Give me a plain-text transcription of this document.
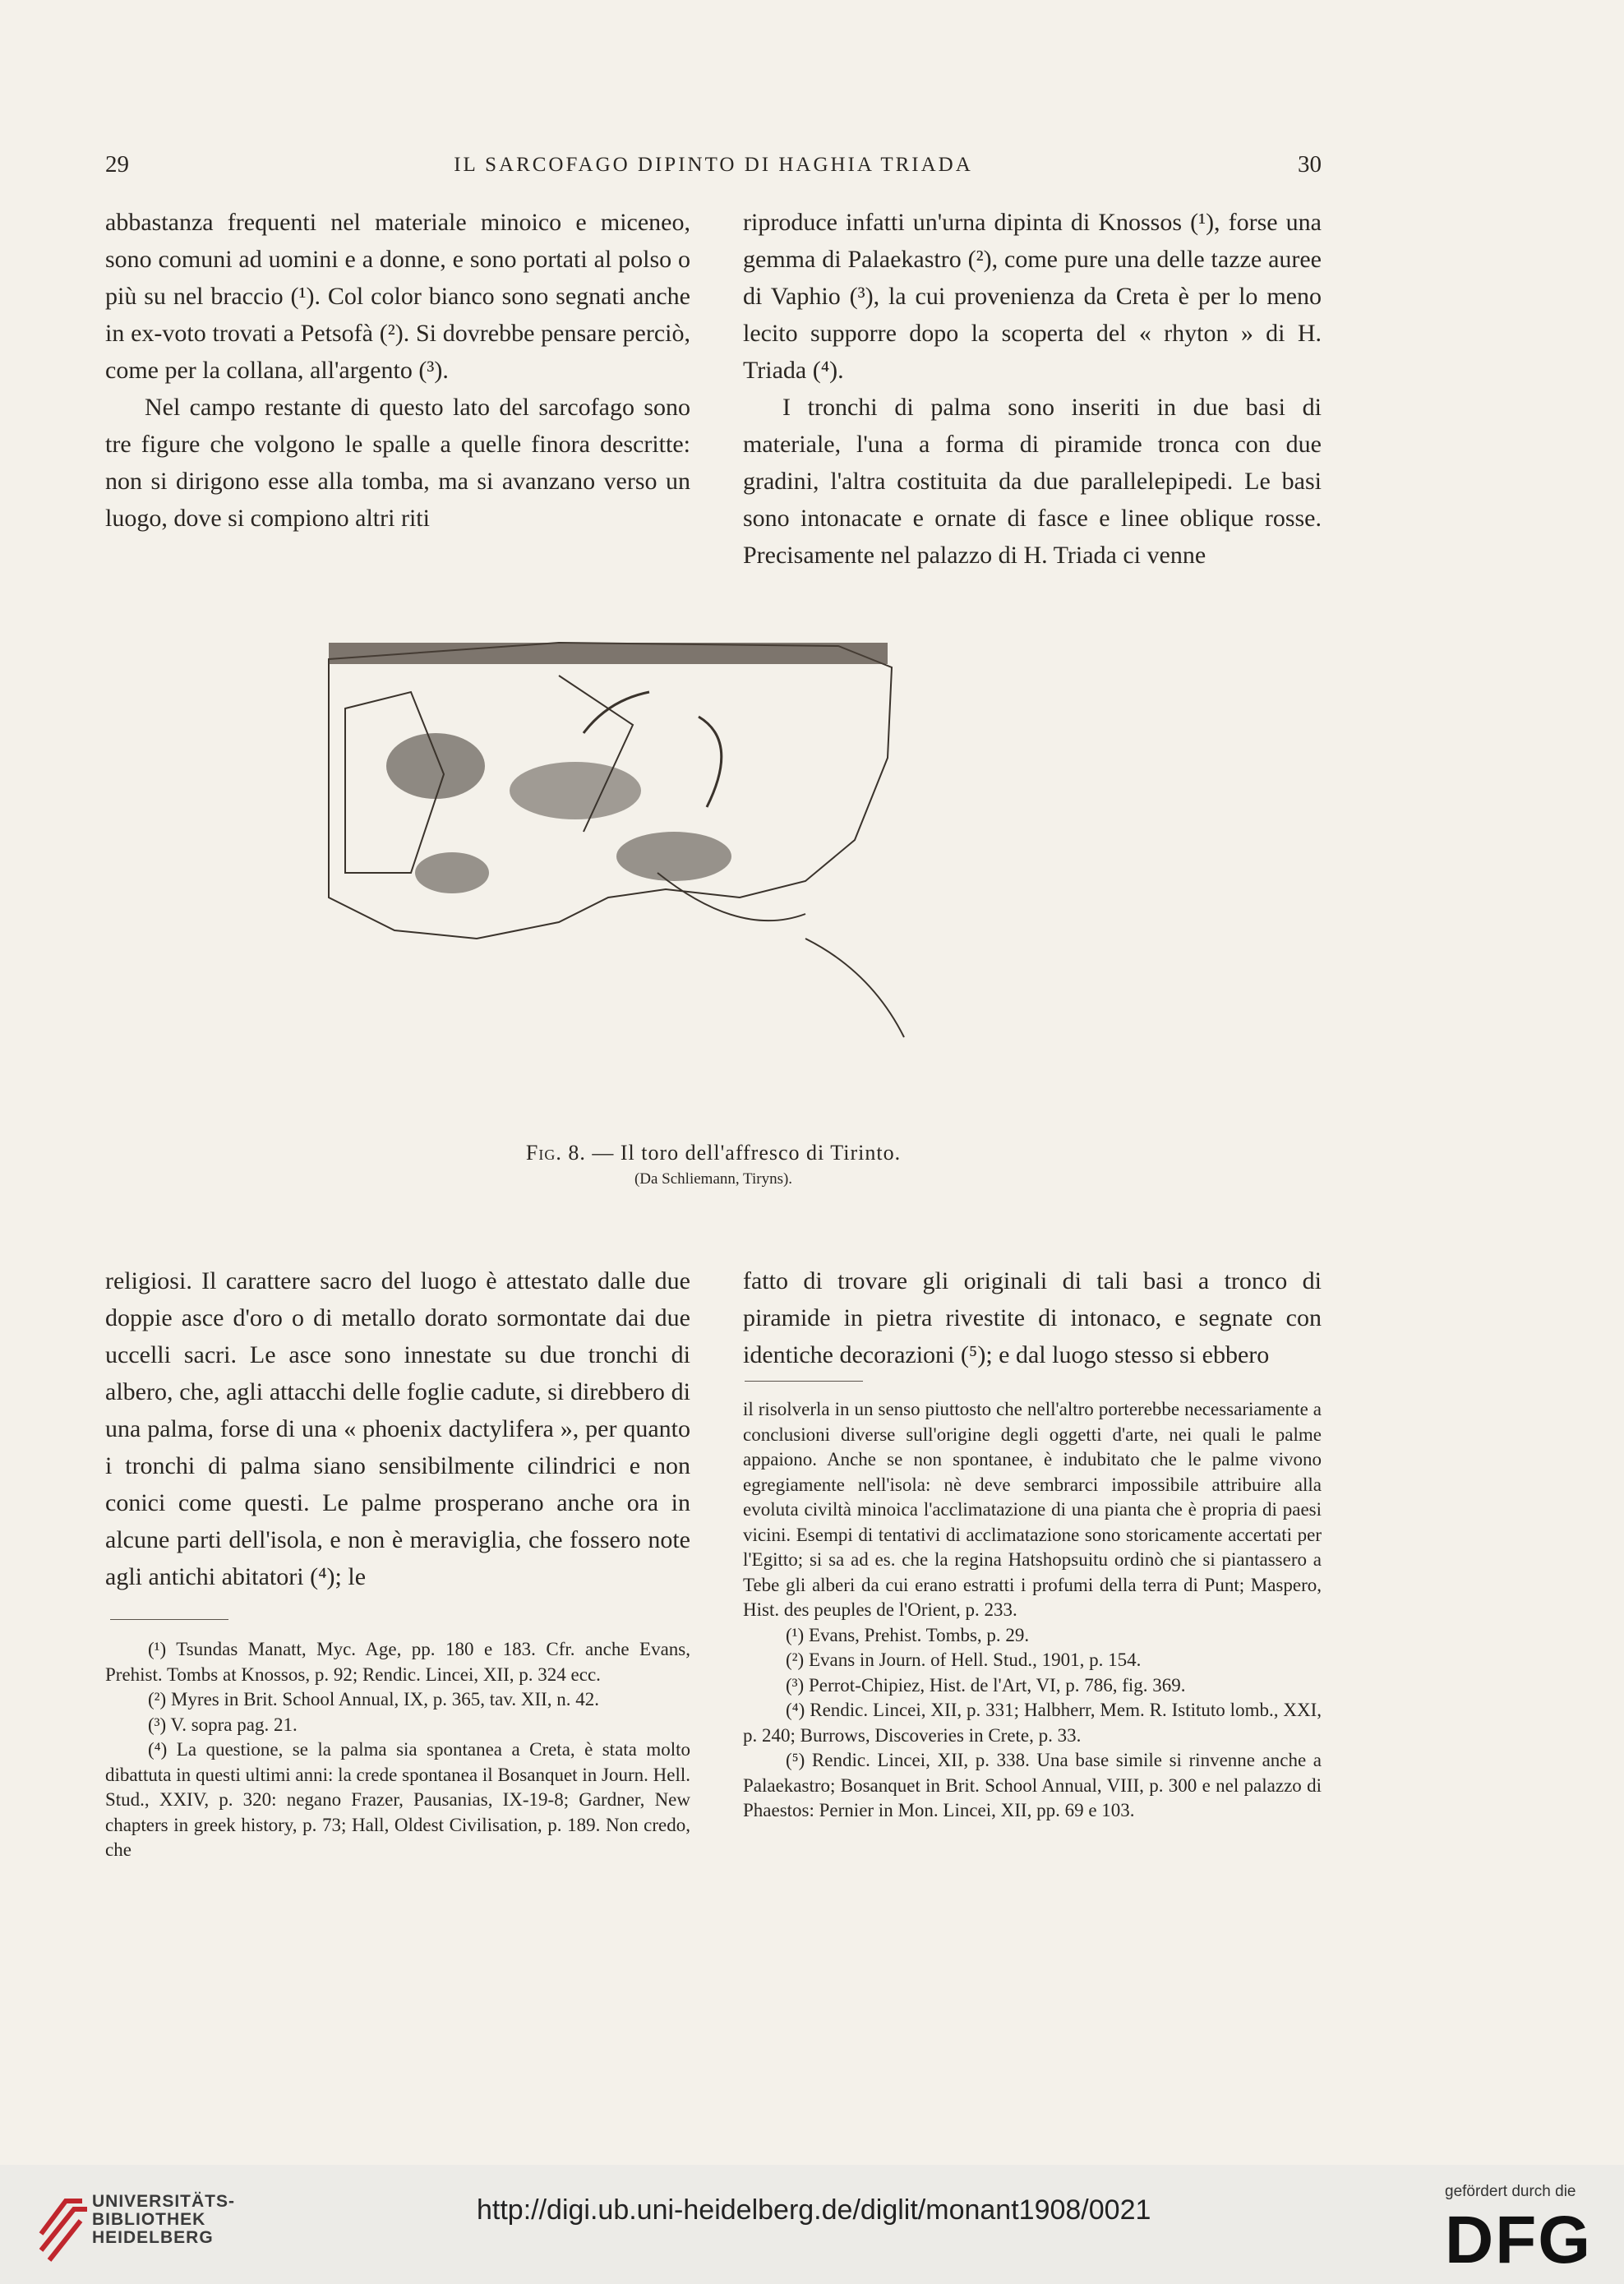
29	IL SARCOFAGO DIPINTO DI HAGHIA TRIADA	30

abbastanza frequenti nel materiale minoico e miceneo, sono comuni ad uomini e a donne, e sono portati al polso o più su nel braccio (¹). Col color bianco sono segnati anche in ex-voto trovati a Petsofà (²). Si dovrebbe pensare perciò, come per la collana, all'argento (³).

Nel campo restante di questo lato del sarcofago sono tre figure che volgono le spalle a quelle finora descritte: non si dirigono esse alla tomba, ma si avanzano verso un luogo, dove si compiono altri riti

riproduce infatti un'urna dipinta di Knossos (¹), forse una gemma di Palaekastro (²), come pure una delle tazze auree di Vaphio (³), la cui provenienza da Creta è per lo meno lecito supporre dopo la scoperta del « rhyton » di H. Triada (⁴).

I tronchi di palma sono inseriti in due basi di materiale, l'una a forma di piramide tronca con due gradini, l'altra costituita da due parallelepipedi. Le basi sono intonacate e ornate di fasce e linee oblique rosse. Precisamente nel palazzo di H. Triada ci venne

Fig. 8. — Il toro dell'affresco di Tirinto.
(Da Schliemann, Tiryns).

religiosi. Il carattere sacro del luogo è attestato dalle due doppie asce d'oro o di metallo dorato sormontate dai due uccelli sacri. Le asce sono innestate su due tronchi di albero, che, agli attacchi delle foglie cadute, si direbbero di una palma, forse di una « phoenix dactylifera », per quanto i tronchi di palma siano sensibilmente cilindrici e non conici come questi. Le palme prosperano anche ora in alcune parti dell'isola, e non è meraviglia, che fossero note agli antichi abitatori (⁴); le

fatto di trovare gli originali di tali basi a tronco di piramide in pietra rivestite di intonaco, e segnate con identiche decorazioni (⁵); e dal luogo stesso si ebbero

(¹) Tsundas Manatt, Myc. Age, pp. 180 e 183. Cfr. anche Evans, Prehist. Tombs at Knossos, p. 92; Rendic. Lincei, XII, p. 324 ecc.

(²) Myres in Brit. School Annual, IX, p. 365, tav. XII, n. 42.

(³) V. sopra pag. 21.

(⁴) La questione, se la palma sia spontanea a Creta, è stata molto dibattuta in questi ultimi anni: la crede spontanea il Bosanquet in Journ. Hell. Stud., XXIV, p. 320: negano Frazer, Pausanias, IX-19-8; Gardner, New chapters in greek history, p. 73; Hall, Oldest Civilisation, p. 189. Non credo, che

il risolverla in un senso piuttosto che nell'altro porterebbe necessariamente a conclusioni diverse sull'origine degli oggetti d'arte, nei quali le palme appaiono. Anche se non spontanee, è indubitato che le palme vivono egregiamente nell'isola: nè deve sembrarci impossibile attribuire alla evoluta civiltà minoica l'acclimatazione di una pianta che è propria di paesi vicini. Esempi di tentativi di acclimatazione sono storicamente accertati per l'Egitto; si sa ad es. che la regina Hatshopsuitu ordinò che si piantassero a Tebe gli alberi da cui erano estratti i profumi della terra di Punt; Maspero, Hist. des peuples de l'Orient, p. 233.

(¹) Evans, Prehist. Tombs, p. 29.

(²) Evans in Journ. of Hell. Stud., 1901, p. 154.

(³) Perrot-Chipiez, Hist. de l'Art, VI, p. 786, fig. 369.

(⁴) Rendic. Lincei, XII, p. 331; Halbherr, Mem. R. Istituto lomb., XXI, p. 240; Burrows, Discoveries in Crete, p. 33.

(⁵) Rendic. Lincei, XII, p. 338. Una base simile si rinvenne anche a Palaekastro; Bosanquet in Brit. School Annual, VIII, p. 300 e nel palazzo di Phaestos: Pernier in Mon. Lincei, XII, pp. 69 e 103.

UNIVERSITÄTS-
BIBLIOTHEK
HEIDELBERG
http://digi.ub.uni-heidelberg.de/diglit/monant1908/0021
gefördert durch die
DFG
